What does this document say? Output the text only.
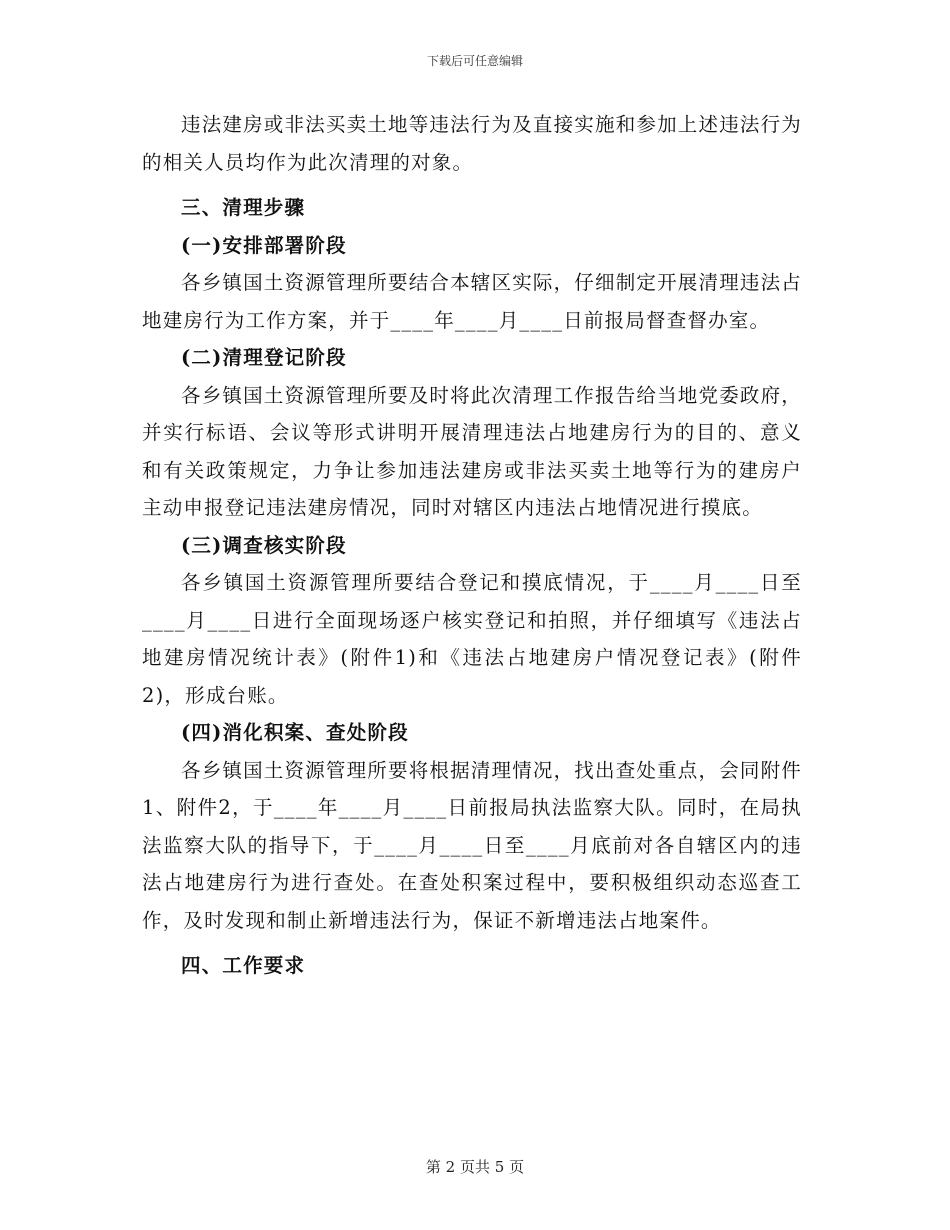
下载后可任意编辑

违法建房或非法买卖土地等违法行为及直接实施和参加上述违法行为的相关人员均作为此次清理的对象。

三、清理步骤

(一)安排部署阶段

各乡镇国土资源管理所要结合本辖区实际，仔细制定开展清理违法占地建房行为工作方案，并于____年____月____日前报局督查督办室。

(二)清理登记阶段

各乡镇国土资源管理所要及时将此次清理工作报告给当地党委政府，并实行标语、会议等形式讲明开展清理违法占地建房行为的目的、意义和有关政策规定，力争让参加违法建房或非法买卖土地等行为的建房户主动申报登记违法建房情况，同时对辖区内违法占地情况进行摸底。

(三)调查核实阶段

各乡镇国土资源管理所要结合登记和摸底情况，于____月____日至____月____日进行全面现场逐户核实登记和拍照，并仔细填写《违法占地建房情况统计表》(附件1)和《违法占地建房户情况登记表》(附件2)，形成台账。

(四)消化积案、查处阶段

各乡镇国土资源管理所要将根据清理情况，找出查处重点，会同附件1、附件2，于____年____月____日前报局执法监察大队。同时，在局执法监察大队的指导下，于____月____日至____月底前对各自辖区内的违法占地建房行为进行查处。在查处积案过程中，要积极组织动态巡查工作，及时发现和制止新增违法行为，保证不新增违法占地案件。

四、工作要求

第 2 页共 5 页
